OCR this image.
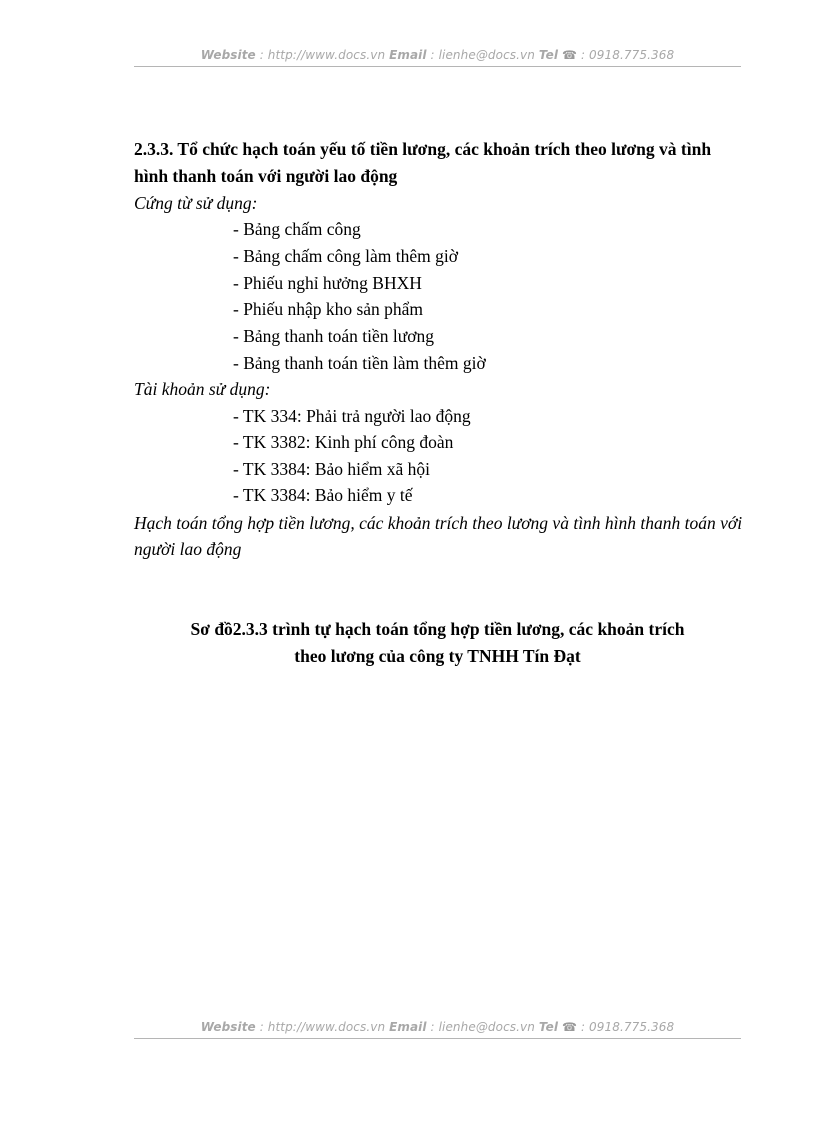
Website : http://www.docs.vn Email : lienhe@docs.vn Tel ☎ : 0918.775.368

2.3.3. Tổ chức hạch toán yếu tố tiền lương, các khoản trích theo lương và tình hình thanh toán với người lao động

Cứng từ sử dụng:
- Bảng chấm công
- Bảng chấm công làm thêm giờ
- Phiếu nghỉ hưởng BHXH
- Phiếu nhập kho sản phẩm
- Bảng thanh toán tiền lương
- Bảng thanh toán tiền làm thêm giờ
Tài khoản sử dụng:
- TK 334: Phải trả người lao động
- TK 3382: Kinh phí công đoàn
- TK 3384: Bảo hiểm xã hội
- TK 3384: Bảo hiểm y tế

Hạch toán tổng hợp tiền lương, các khoản trích theo lương và tình hình thanh toán với người lao động

Sơ đồ2.3.3 trình tự hạch toán tổng hợp tiền lương, các khoản trích
theo lương của công ty TNHH Tín Đạt
Website : http://www.docs.vn Email : lienhe@docs.vn Tel ☎ : 0918.775.368
